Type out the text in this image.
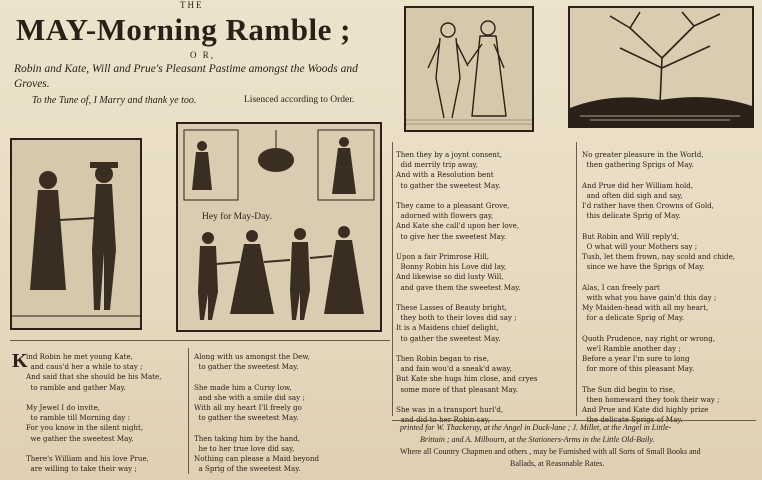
THE
MAY-Morning Ramble ;
O R,
Robin and Kate, Will and Prue's Pleasant Pastime amongst the Woods and
Groves.
To the Tune of, I Marry and thank ye too.	Lisenced according to Order.
Hey for May-Day.
K
ind Robin he met young Kate,
and caus'd her a while to stay ;
And said that she should be his Mate,
to ramble and gather May.

My Jewel I do invite,
to ramble till Morning day :
For you know in the silent night,
we gather the sweetest May.

There's William and his love Prue,
are willing to take their way ;
Along with us amongst the Dew,
to gather the sweetest May.

She made him a Cursy low,
and she with a smile did say ;
With all my heart I'll freely go
to gather the sweetest May.

Then taking him by the hand,
he to her true love did say,
Nothing can please a Maid beyond
a Sprig of the sweetest May.
Then they by a joynt consent,
did merrily trip away,
And with a Resolution bent
to gather the sweetest May.

They came to a pleasant Grove,
adorned with flowers gay,
And Kate she call'd upon her love,
to give her the sweetest May.

Upon a fair Primrose Hill,
Bonny Robin his Love did lay,
And likewise so did lusty Will,
and gave them the sweetest May.

These Lasses of Beauty bright,
they both to their loves did say ;
It is a Maidens chief delight,
to gather the sweetest May.

Then Robin began to rise,
and fain wou'd a sneak'd away,
But Kate she hugs him close, and cryes
some more of that pleasant May.

She was in a transport hurl'd,

No greater pleasure in the World,
then gathering Sprigs of May.

And Prue did her William hold,
and often did sigh and say,
I'd rather have then Crowns of Gold,
this delicate Sprig of May.

But Robin and Will reply'd,
O what will your Mothers say ;
Tush, let them frown, nay scold and chide,
since we have the Sprigs of May.

Alas, I can freely part
with what you have gain'd this day ;
My Maiden-head with all my heart,
for a delicate Sprig of May.

Quoth Prudence, nay right or wrong,
we'l Ramble another day ;
Before a year I'm sure to long
for more of this pleasant May.

The Sun did begin to rise,
then homeward they took their way ;
And Prue and Kate did highly prize

printed for W. Thackeray, at the Angel in Duck-lane ; J. Millet, at the Angel in Little-
Brittain ; and A. Milbourn, at the Stationers-Arms in the Little Old-Baily.
Where all Country Chapmen and others , may be Furnished with all Sorts of Small Books and
Ballads, at Reasonable Rates.
